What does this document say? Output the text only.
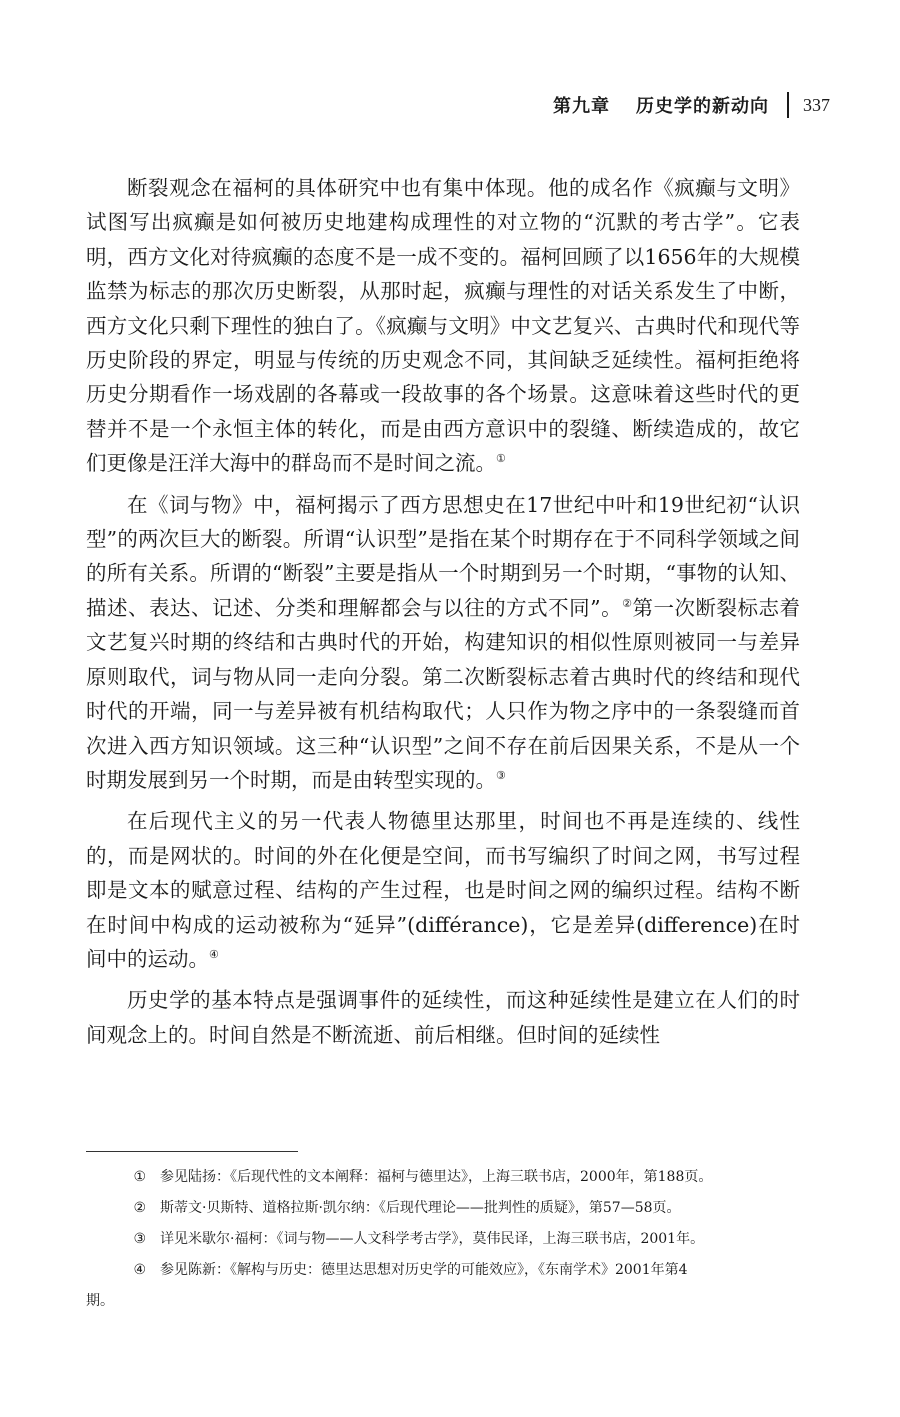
第九章 历史学的新动向 337

断裂观念在福柯的具体研究中也有集中体现。他的成名作《疯癫与文明》试图写出疯癫是如何被历史地建构成理性的对立物的“沉默的考古学”。它表明，西方文化对待疯癫的态度不是一成不变的。福柯回顾了以1656年的大规模监禁为标志的那次历史断裂，从那时起，疯癫与理性的对话关系发生了中断，西方文化只剩下理性的独白了。《疯癫与文明》中文艺复兴、古典时代和现代等历史阶段的界定，明显与传统的历史观念不同，其间缺乏延续性。福柯拒绝将历史分期看作一场戏剧的各幕或一段故事的各个场景。这意味着这些时代的更替并不是一个永恒主体的转化，而是由西方意识中的裂缝、断续造成的，故它们更像是汪洋大海中的群岛而不是时间之流。①

在《词与物》中，福柯揭示了西方思想史在17世纪中叶和19世纪初“认识型”的两次巨大的断裂。所谓“认识型”是指在某个时期存在于不同科学领域之间的所有关系。所谓的“断裂”主要是指从一个时期到另一个时期，“事物的认知、描述、表达、记述、分类和理解都会与以往的方式不同”。②第一次断裂标志着文艺复兴时期的终结和古典时代的开始，构建知识的相似性原则被同一与差异原则取代，词与物从同一走向分裂。第二次断裂标志着古典时代的终结和现代时代的开端，同一与差异被有机结构取代；人只作为物之序中的一条裂缝而首次进入西方知识领域。这三种“认识型”之间不存在前后因果关系，不是从一个时期发展到另一个时期，而是由转型实现的。③

在后现代主义的另一代表人物德里达那里，时间也不再是连续的、线性的，而是网状的。时间的外在化便是空间，而书写编织了时间之网，书写过程即是文本的赋意过程、结构的产生过程，也是时间之网的编织过程。结构不断在时间中构成的运动被称为“延异”(différance)，它是差异(difference)在时间中的运动。④

历史学的基本特点是强调事件的延续性，而这种延续性是建立在人们的时间观念上的。时间自然是不断流逝、前后相继。但时间的延续性

①	参见陆扬：《后现代性的文本阐释：福柯与德里达》，上海三联书店，2000年，第188页。
②	斯蒂文·贝斯特、道格拉斯·凯尔纳：《后现代理论——批判性的质疑》，第57—58页。
③	详见米歇尔·福柯：《词与物——人文科学考古学》，莫伟民译，上海三联书店，2001年。
④	参见陈新：《解构与历史：德里达思想对历史学的可能效应》，《东南学术》2001年第4
期。
